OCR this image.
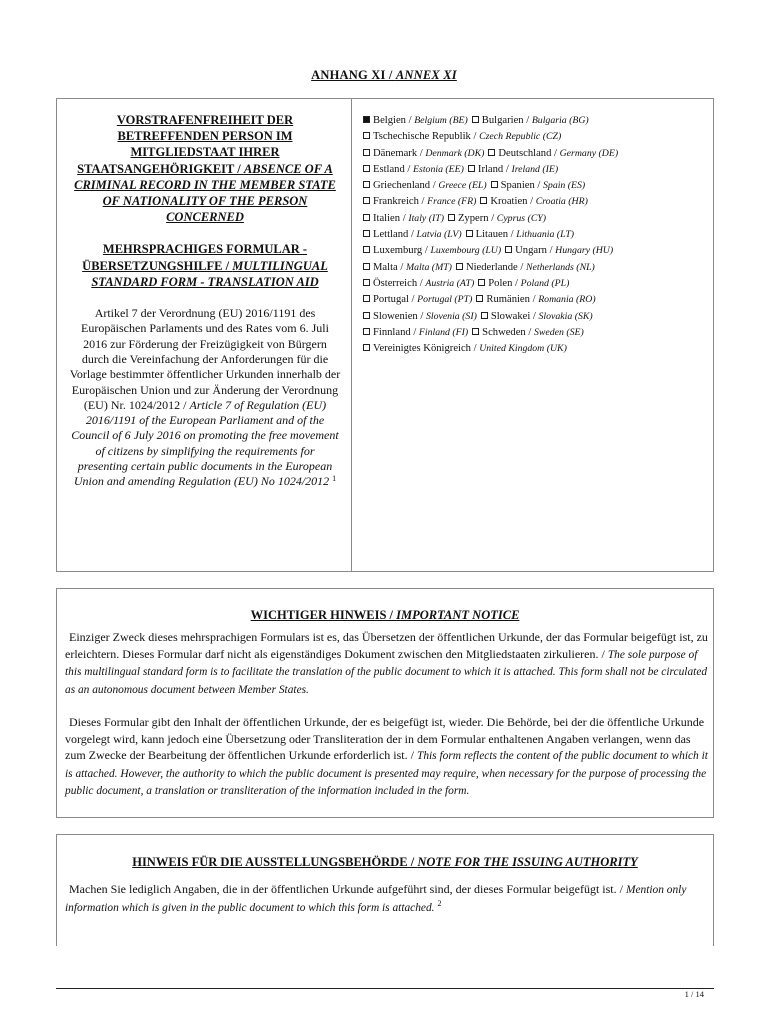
ANHANG XI / ANNEX XI
VORSTRAFENFREIHEIT DER BETREFFENDEN PERSON IM MITGLIEDSTAAT IHRER STAATSANGEHÖRIGKEIT / ABSENCE OF A CRIMINAL RECORD IN THE MEMBER STATE OF NATIONALITY OF THE PERSON CONCERNED
MEHRSPRACHIGES FORMULAR - ÜBERSETZUNGSHILFE / MULTILINGUAL STANDARD FORM - TRANSLATION AID
Artikel 7 der Verordnung (EU) 2016/1191 des Europäischen Parlaments und des Rates vom 6. Juli 2016 zur Förderung der Freizügigkeit von Bürgern durch die Vereinfachung der Anforderungen für die Vorlage bestimmter öffentlicher Urkunden innerhalb der Europäischen Union und zur Änderung der Verordnung (EU) Nr. 1024/2012 / Article 7 of Regulation (EU) 2016/1191 of the European Parliament and of the Council of 6 July 2016 on promoting the free movement of citizens by simplifying the requirements for presenting certain public documents in the European Union and amending Regulation (EU) No 1024/2012 $^1$
Belgien / Belgium (BE) Bulgarien / Bulgaria (BG)
Tschechische Republik / Czech Republic (CZ)
Dänemark / Denmark (DK) Deutschland / Germany (DE)
Estland / Estonia (EE) Irland / Ireland (IE)
Griechenland / Greece (EL) Spanien / Spain (ES)
Frankreich / France (FR) Kroatien / Croatia (HR)
Italien / Italy (IT) Zypern / Cyprus (CY)
Lettland / Latvia (LV) Litauen / Lithuania (LT)
Luxemburg / Luxembourg (LU) Ungarn / Hungary (HU)
Malta / Malta (MT) Niederlande / Netherlands (NL)
Österreich / Austria (AT) Polen / Poland (PL)
Portugal / Portugal (PT) Rumänien / Romania (RO)
Slowenien / Slovenia (SI) Slowakei / Slovakia (SK)
Finnland / Finland (FI) Schweden / Sweden (SE)
Vereinigtes Königreich / United Kingdom (UK)
WICHTIGER HINWEIS / IMPORTANT NOTICE
Einziger Zweck dieses mehrsprachigen Formulars ist es, das Übersetzen der öffentlichen Urkunde, der das Formular beigefügt ist, zu erleichtern. Dieses Formular darf nicht als eigenständiges Dokument zwischen den Mitgliedstaaten zirkulieren. / The sole purpose of this multilingual standard form is to facilitate the translation of the public document to which it is attached. This form shall not be circulated as an autonomous document between Member States.
Dieses Formular gibt den Inhalt der öffentlichen Urkunde, der es beigefügt ist, wieder. Die Behörde, bei der die öffentliche Urkunde vorgelegt wird, kann jedoch eine Übersetzung oder Transliteration der in dem Formular enthaltenen Angaben verlangen, wenn das zum Zwecke der Bearbeitung der öffentlichen Urkunde erforderlich ist. / This form reflects the content of the public document to which it is attached. However, the authority to which the public document is presented may require, when necessary for the purpose of processing the public document, a translation or transliteration of the information included in the form.
HINWEIS FÜR DIE AUSSTELLUNGSBEHÖRDE / NOTE FOR THE ISSUING AUTHORITY
Machen Sie lediglich Angaben, die in der öffentlichen Urkunde aufgeführt sind, der dieses Formular beigefügt ist. / Mention only information which is given in the public document to which this form is attached. $^2$
1 / 14
